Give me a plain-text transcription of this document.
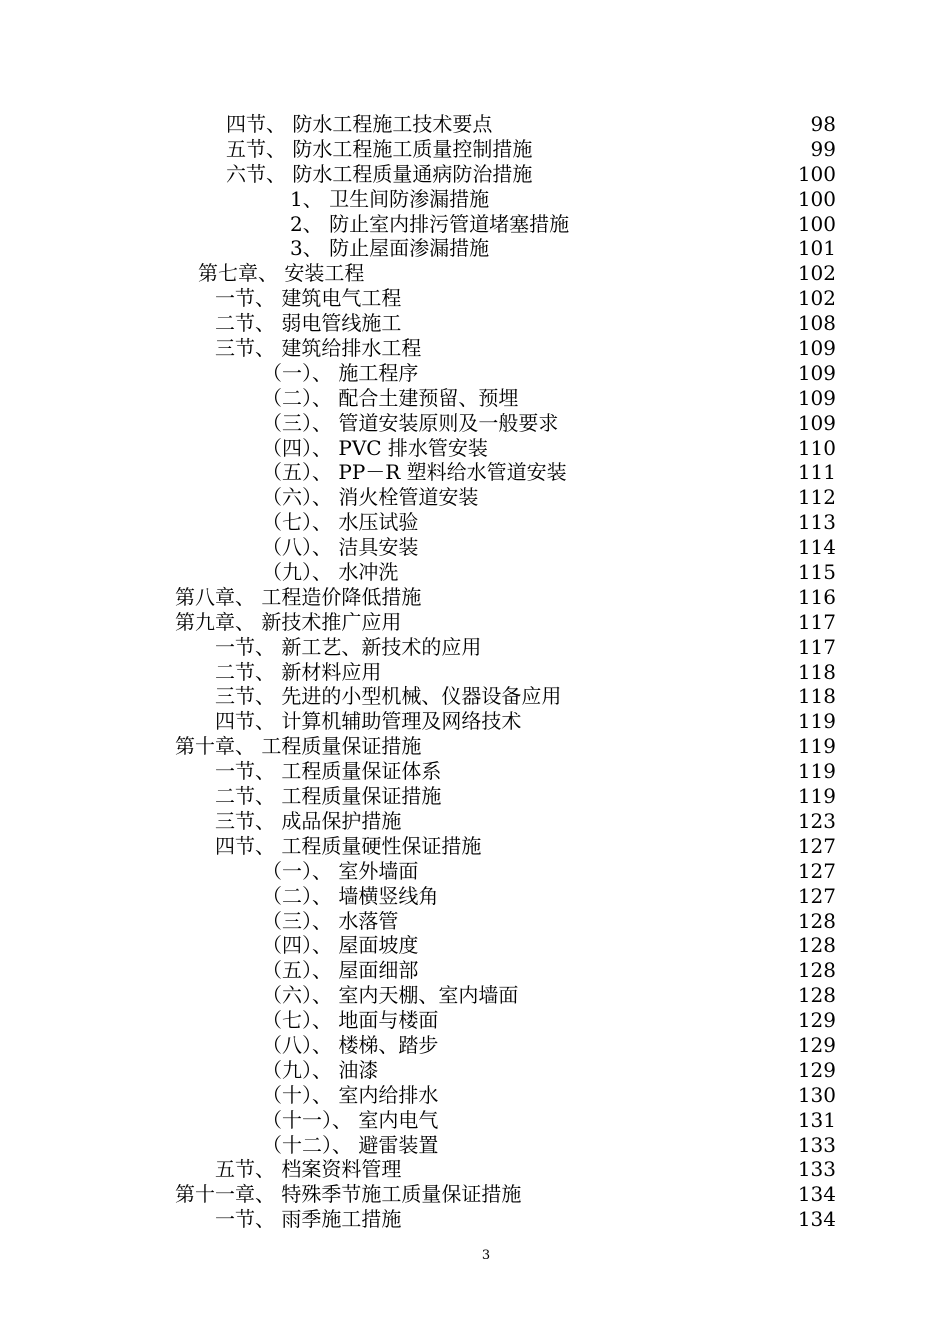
四节、 防水工程施工技术要点	98
五节、 防水工程施工质量控制措施	99
六节、 防水工程质量通病防治措施	100
1、 卫生间防渗漏措施	100
2、 防止室内排污管道堵塞措施	100
3、 防止屋面渗漏措施	101
第七章、 安装工程	102
一节、 建筑电气工程	102
二节、 弱电管线施工	108
三节、 建筑给排水工程	109
（一）、 施工程序	109
（二）、 配合土建预留、预埋	109
（三）、 管道安装原则及一般要求	109
（四）、 PVC 排水管安装	110
（五）、 PP－R 塑料给水管道安装	111
（六）、 消火栓管道安装	112
（七）、 水压试验	113
（八）、 洁具安装	114
（九）、 水冲洗	115
第八章、 工程造价降低措施	116
第九章、 新技术推广应用	117
一节、 新工艺、新技术的应用	117
二节、 新材料应用	118
三节、 先进的小型机械、仪器设备应用	118
四节、 计算机辅助管理及网络技术	119
第十章、 工程质量保证措施	119
一节、 工程质量保证体系	119
二节、 工程质量保证措施	119
三节、 成品保护措施	123
四节、 工程质量硬性保证措施	127
（一）、 室外墙面	127
（二）、 墙横竖线角	127
（三）、 水落管	128
（四）、 屋面坡度	128
（五）、 屋面细部	128
（六）、 室内天棚、室内墙面	128
（七）、 地面与楼面	129
（八）、 楼梯、踏步	129
（九）、 油漆	129
（十）、 室内给排水	130
（十一）、 室内电气	131
（十二）、 避雷装置	133
五节、 档案资料管理	133
第十一章、 特殊季节施工质量保证措施	134
一节、 雨季施工措施	134
3
